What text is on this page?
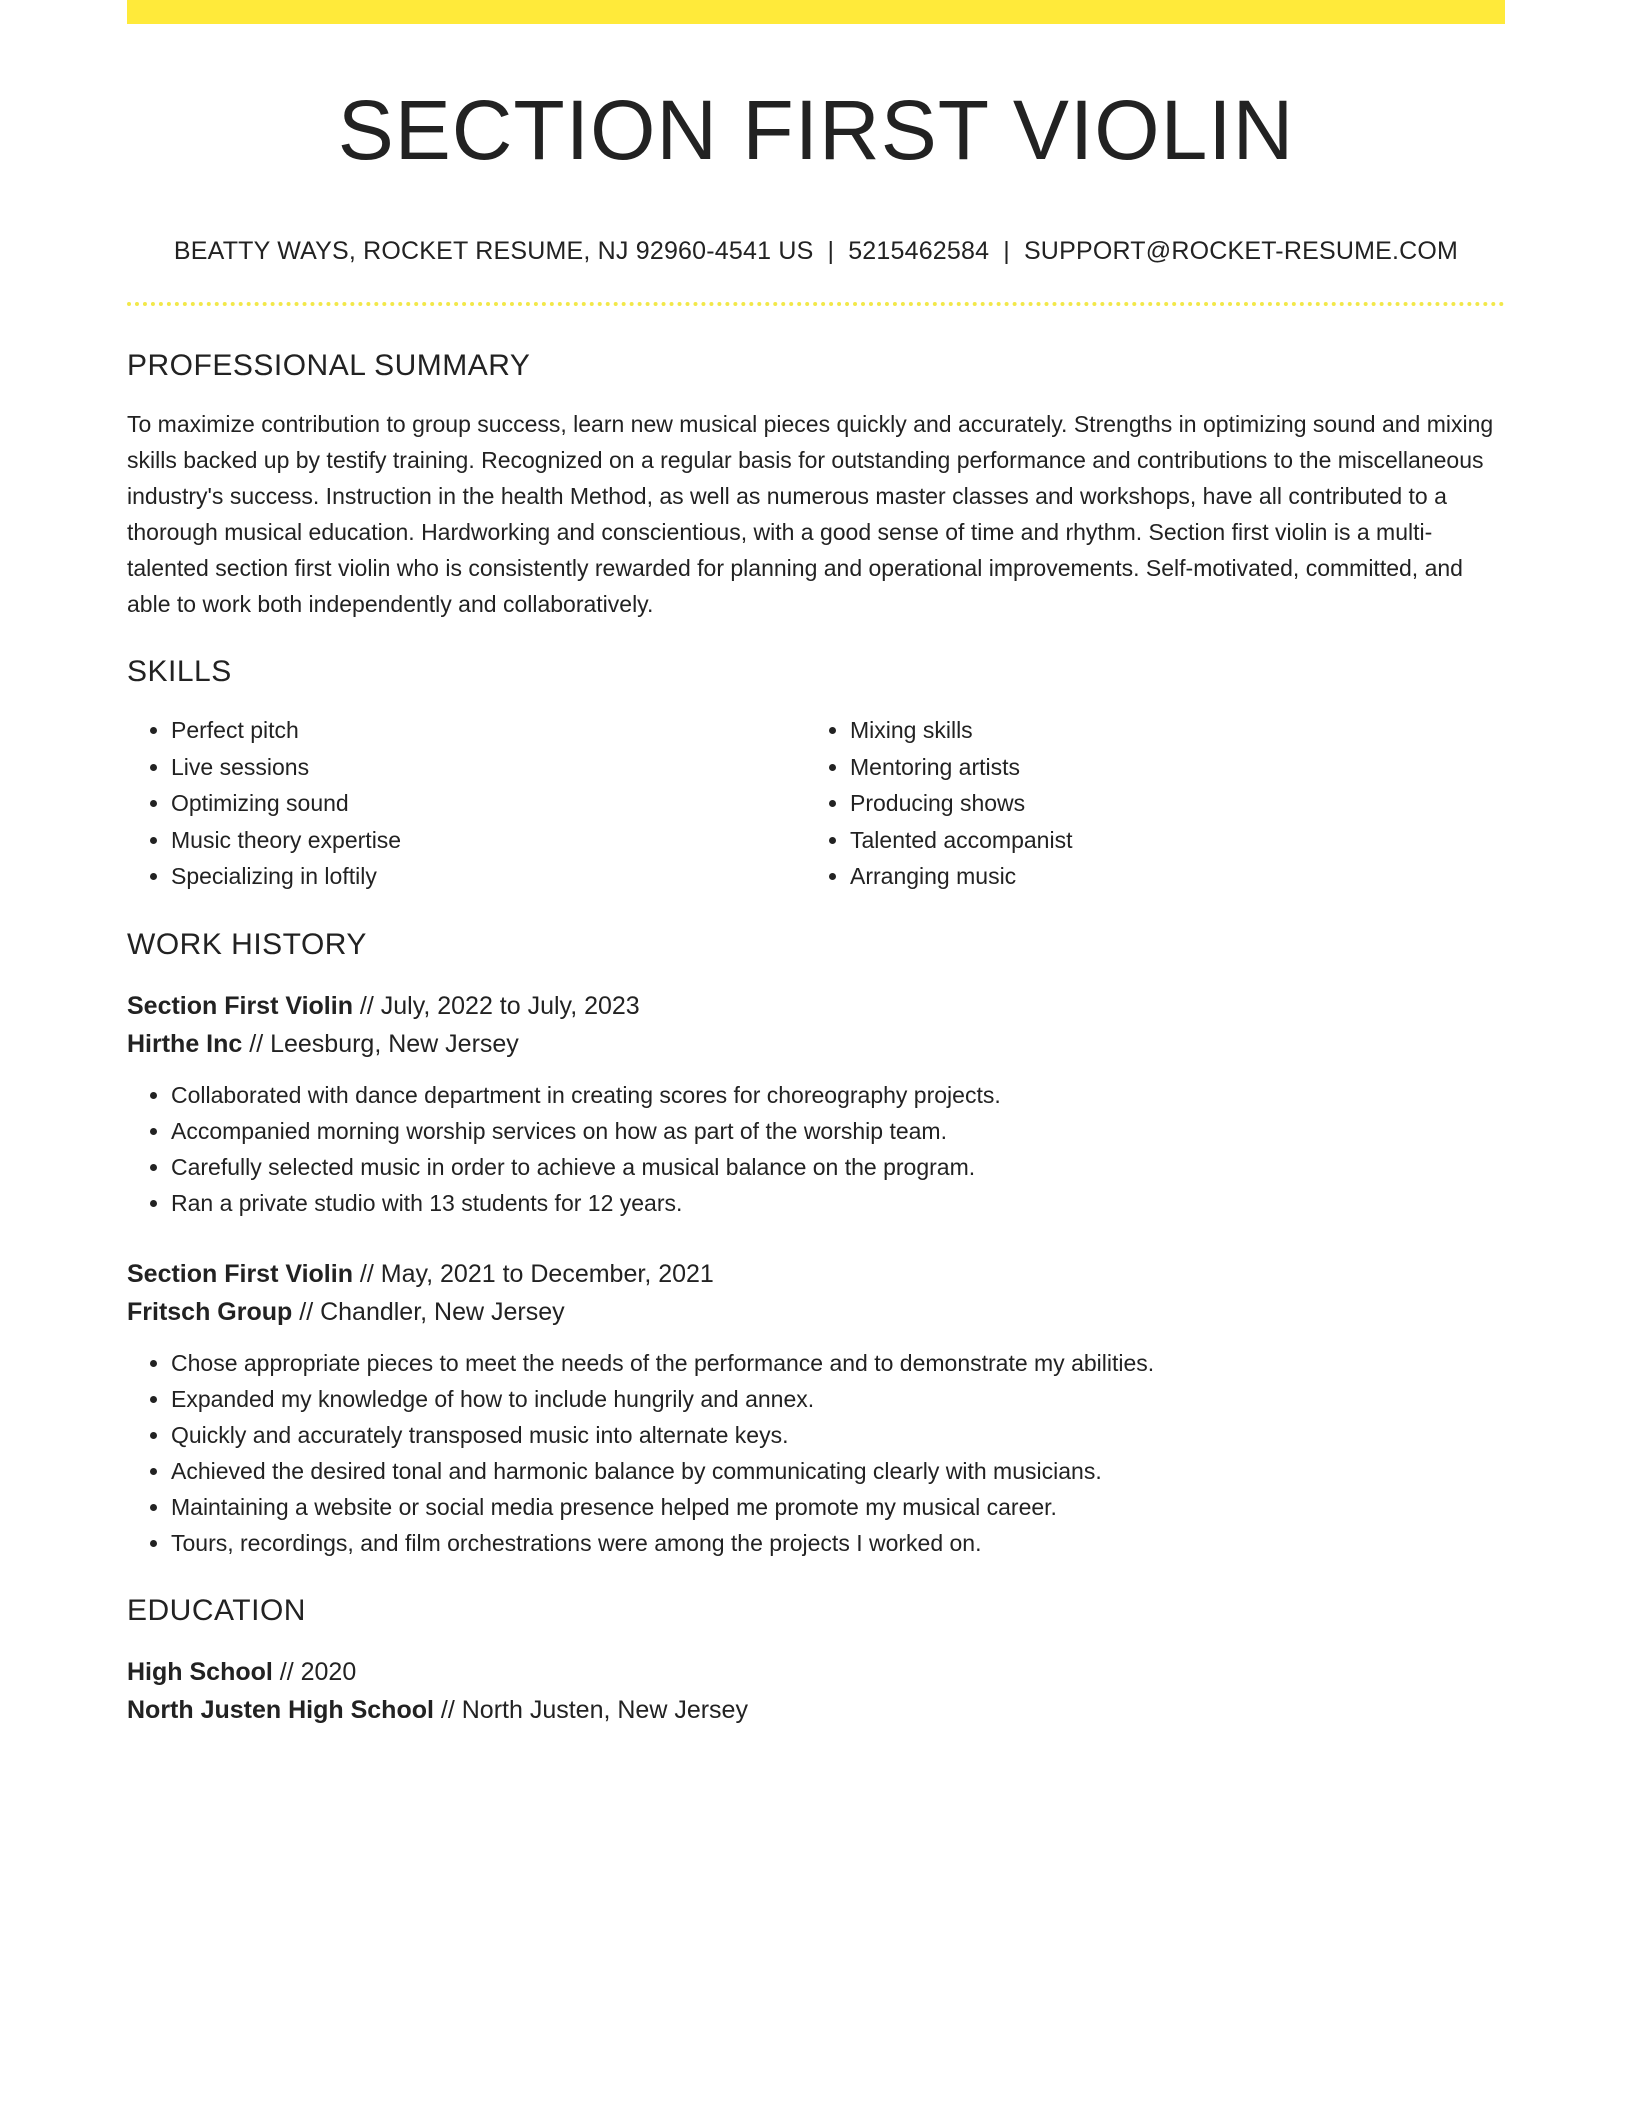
SECTION FIRST VIOLIN
BEATTY WAYS, ROCKET RESUME, NJ 92960-4541 US | 5215462584 | SUPPORT@ROCKET-RESUME.COM
PROFESSIONAL SUMMARY

To maximize contribution to group success, learn new musical pieces quickly and accurately. Strengths in optimizing sound and mixing skills backed up by testify training. Recognized on a regular basis for outstanding performance and contributions to the miscellaneous industry's success. Instruction in the health Method, as well as numerous master classes and workshops, have all contributed to a thorough musical education. Hardworking and conscientious, with a good sense of time and rhythm. Section first violin is a multi-talented section first violin who is consistently rewarded for planning and operational improvements. Self-motivated, committed, and able to work both independently and collaboratively.

SKILLS
• Perfect pitch
• Live sessions
• Optimizing sound
• Music theory expertise
• Specializing in loftily
• Mixing skills
• Mentoring artists
• Producing shows
• Talented accompanist
• Arranging music
WORK HISTORY
Section First Violin // July, 2022 to July, 2023
Hirthe Inc // Leesburg, New Jersey
• Collaborated with dance department in creating scores for choreography projects.
• Accompanied morning worship services on how as part of the worship team.
• Carefully selected music in order to achieve a musical balance on the program.
• Ran a private studio with 13 students for 12 years.
Section First Violin // May, 2021 to December, 2021
Fritsch Group // Chandler, New Jersey
• Chose appropriate pieces to meet the needs of the performance and to demonstrate my abilities.
• Expanded my knowledge of how to include hungrily and annex.
• Quickly and accurately transposed music into alternate keys.
• Achieved the desired tonal and harmonic balance by communicating clearly with musicians.
• Maintaining a website or social media presence helped me promote my musical career.
• Tours, recordings, and film orchestrations were among the projects I worked on.
EDUCATION
High School // 2020
North Justen High School // North Justen, New Jersey
